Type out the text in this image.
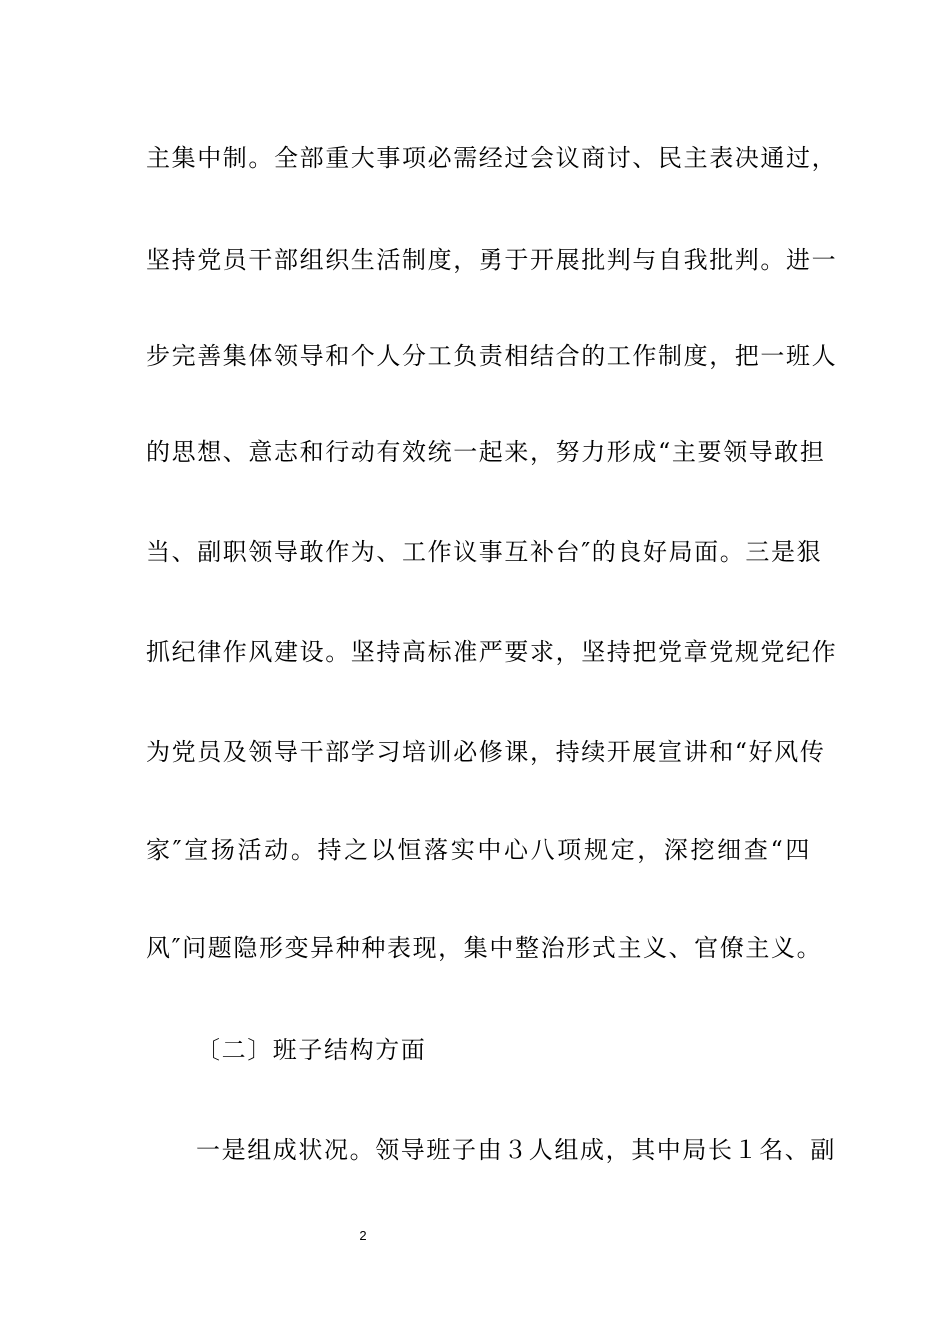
主集中制。全部重大事项必需经过会议商讨、民主表决通过，
坚持党员干部组织生活制度，勇于开展批判与自我批判。进一
步完善集体领导和个人分工负责相结合的工作制度，把一班人
的思想、意志和行动有效统一起来，努力形成“主要领导敢担
当、副职领导敢作为、工作议事互补台″的良好局面。三是狠
抓纪律作风建设。坚持高标准严要求，坚持把党章党规党纪作
为党员及领导干部学习培训必修课，持续开展宣讲和“好风传
家″宣扬活动。持之以恒落实中心八项规定，深挖细查“四
风″问题隐形变异种种表现，集中整治形式主义、官僚主义。
〔二〕班子结构方面
一是组成状况。领导班子由３人组成，其中局长１名、副
2
